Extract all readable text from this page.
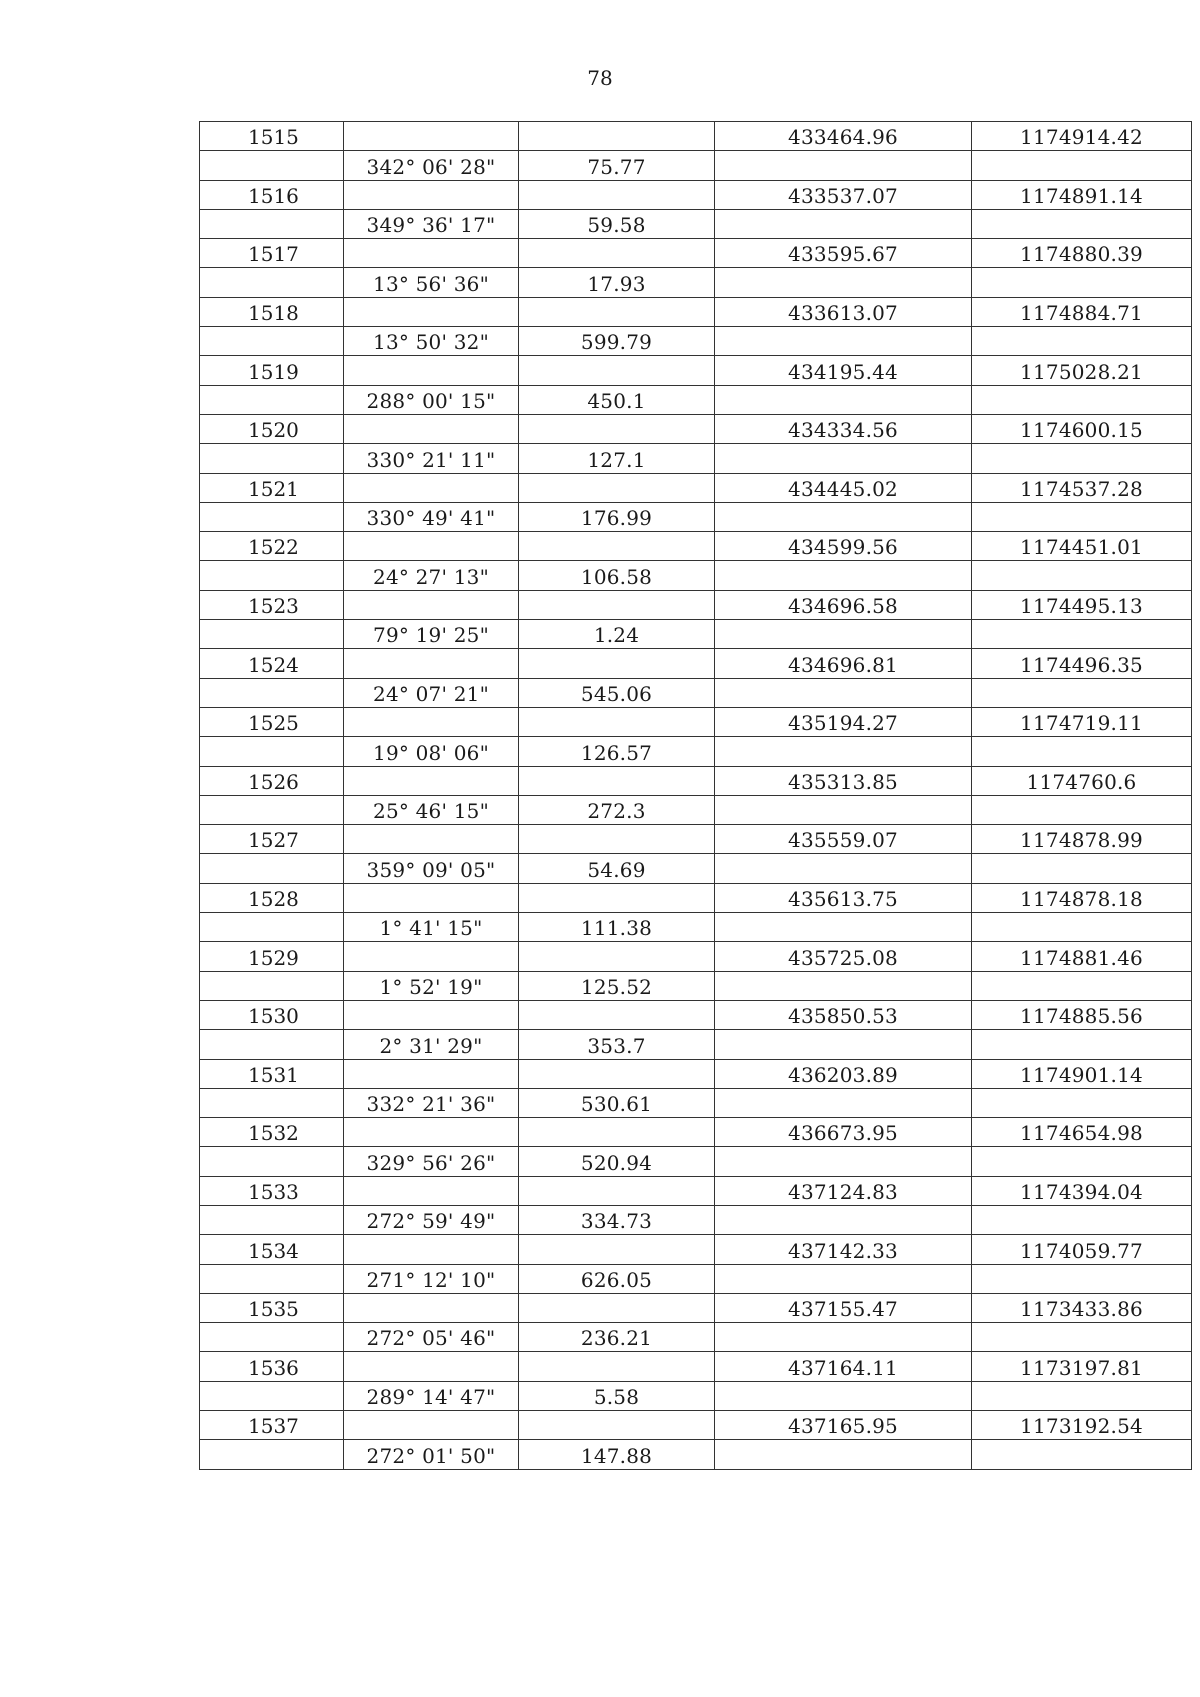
78
1515			433464.96	1174914.42
	342° 06' 28"	75.77		
1516			433537.07	1174891.14
	349° 36' 17"	59.58		
1517			433595.67	1174880.39
	13° 56' 36"	17.93		
1518			433613.07	1174884.71
	13° 50' 32"	599.79		
1519			434195.44	1175028.21
	288° 00' 15"	450.1		
1520			434334.56	1174600.15
	330° 21' 11"	127.1		
1521			434445.02	1174537.28
	330° 49' 41"	176.99		
1522			434599.56	1174451.01
	24° 27' 13"	106.58		
1523			434696.58	1174495.13
	79° 19' 25"	1.24		
1524			434696.81	1174496.35
	24° 07' 21"	545.06		
1525			435194.27	1174719.11
	19° 08' 06"	126.57		
1526			435313.85	1174760.6
	25° 46' 15"	272.3		
1527			435559.07	1174878.99
	359° 09' 05"	54.69		
1528			435613.75	1174878.18
	1° 41' 15"	111.38		
1529			435725.08	1174881.46
	1° 52' 19"	125.52		
1530			435850.53	1174885.56
	2° 31' 29"	353.7		
1531			436203.89	1174901.14
	332° 21' 36"	530.61		
1532			436673.95	1174654.98
	329° 56' 26"	520.94		
1533			437124.83	1174394.04
	272° 59' 49"	334.73		
1534			437142.33	1174059.77
	271° 12' 10"	626.05		
1535			437155.47	1173433.86
	272° 05' 46"	236.21		
1536			437164.11	1173197.81
	289° 14' 47"	5.58		
1537			437165.95	1173192.54
	272° 01' 50"	147.88		
